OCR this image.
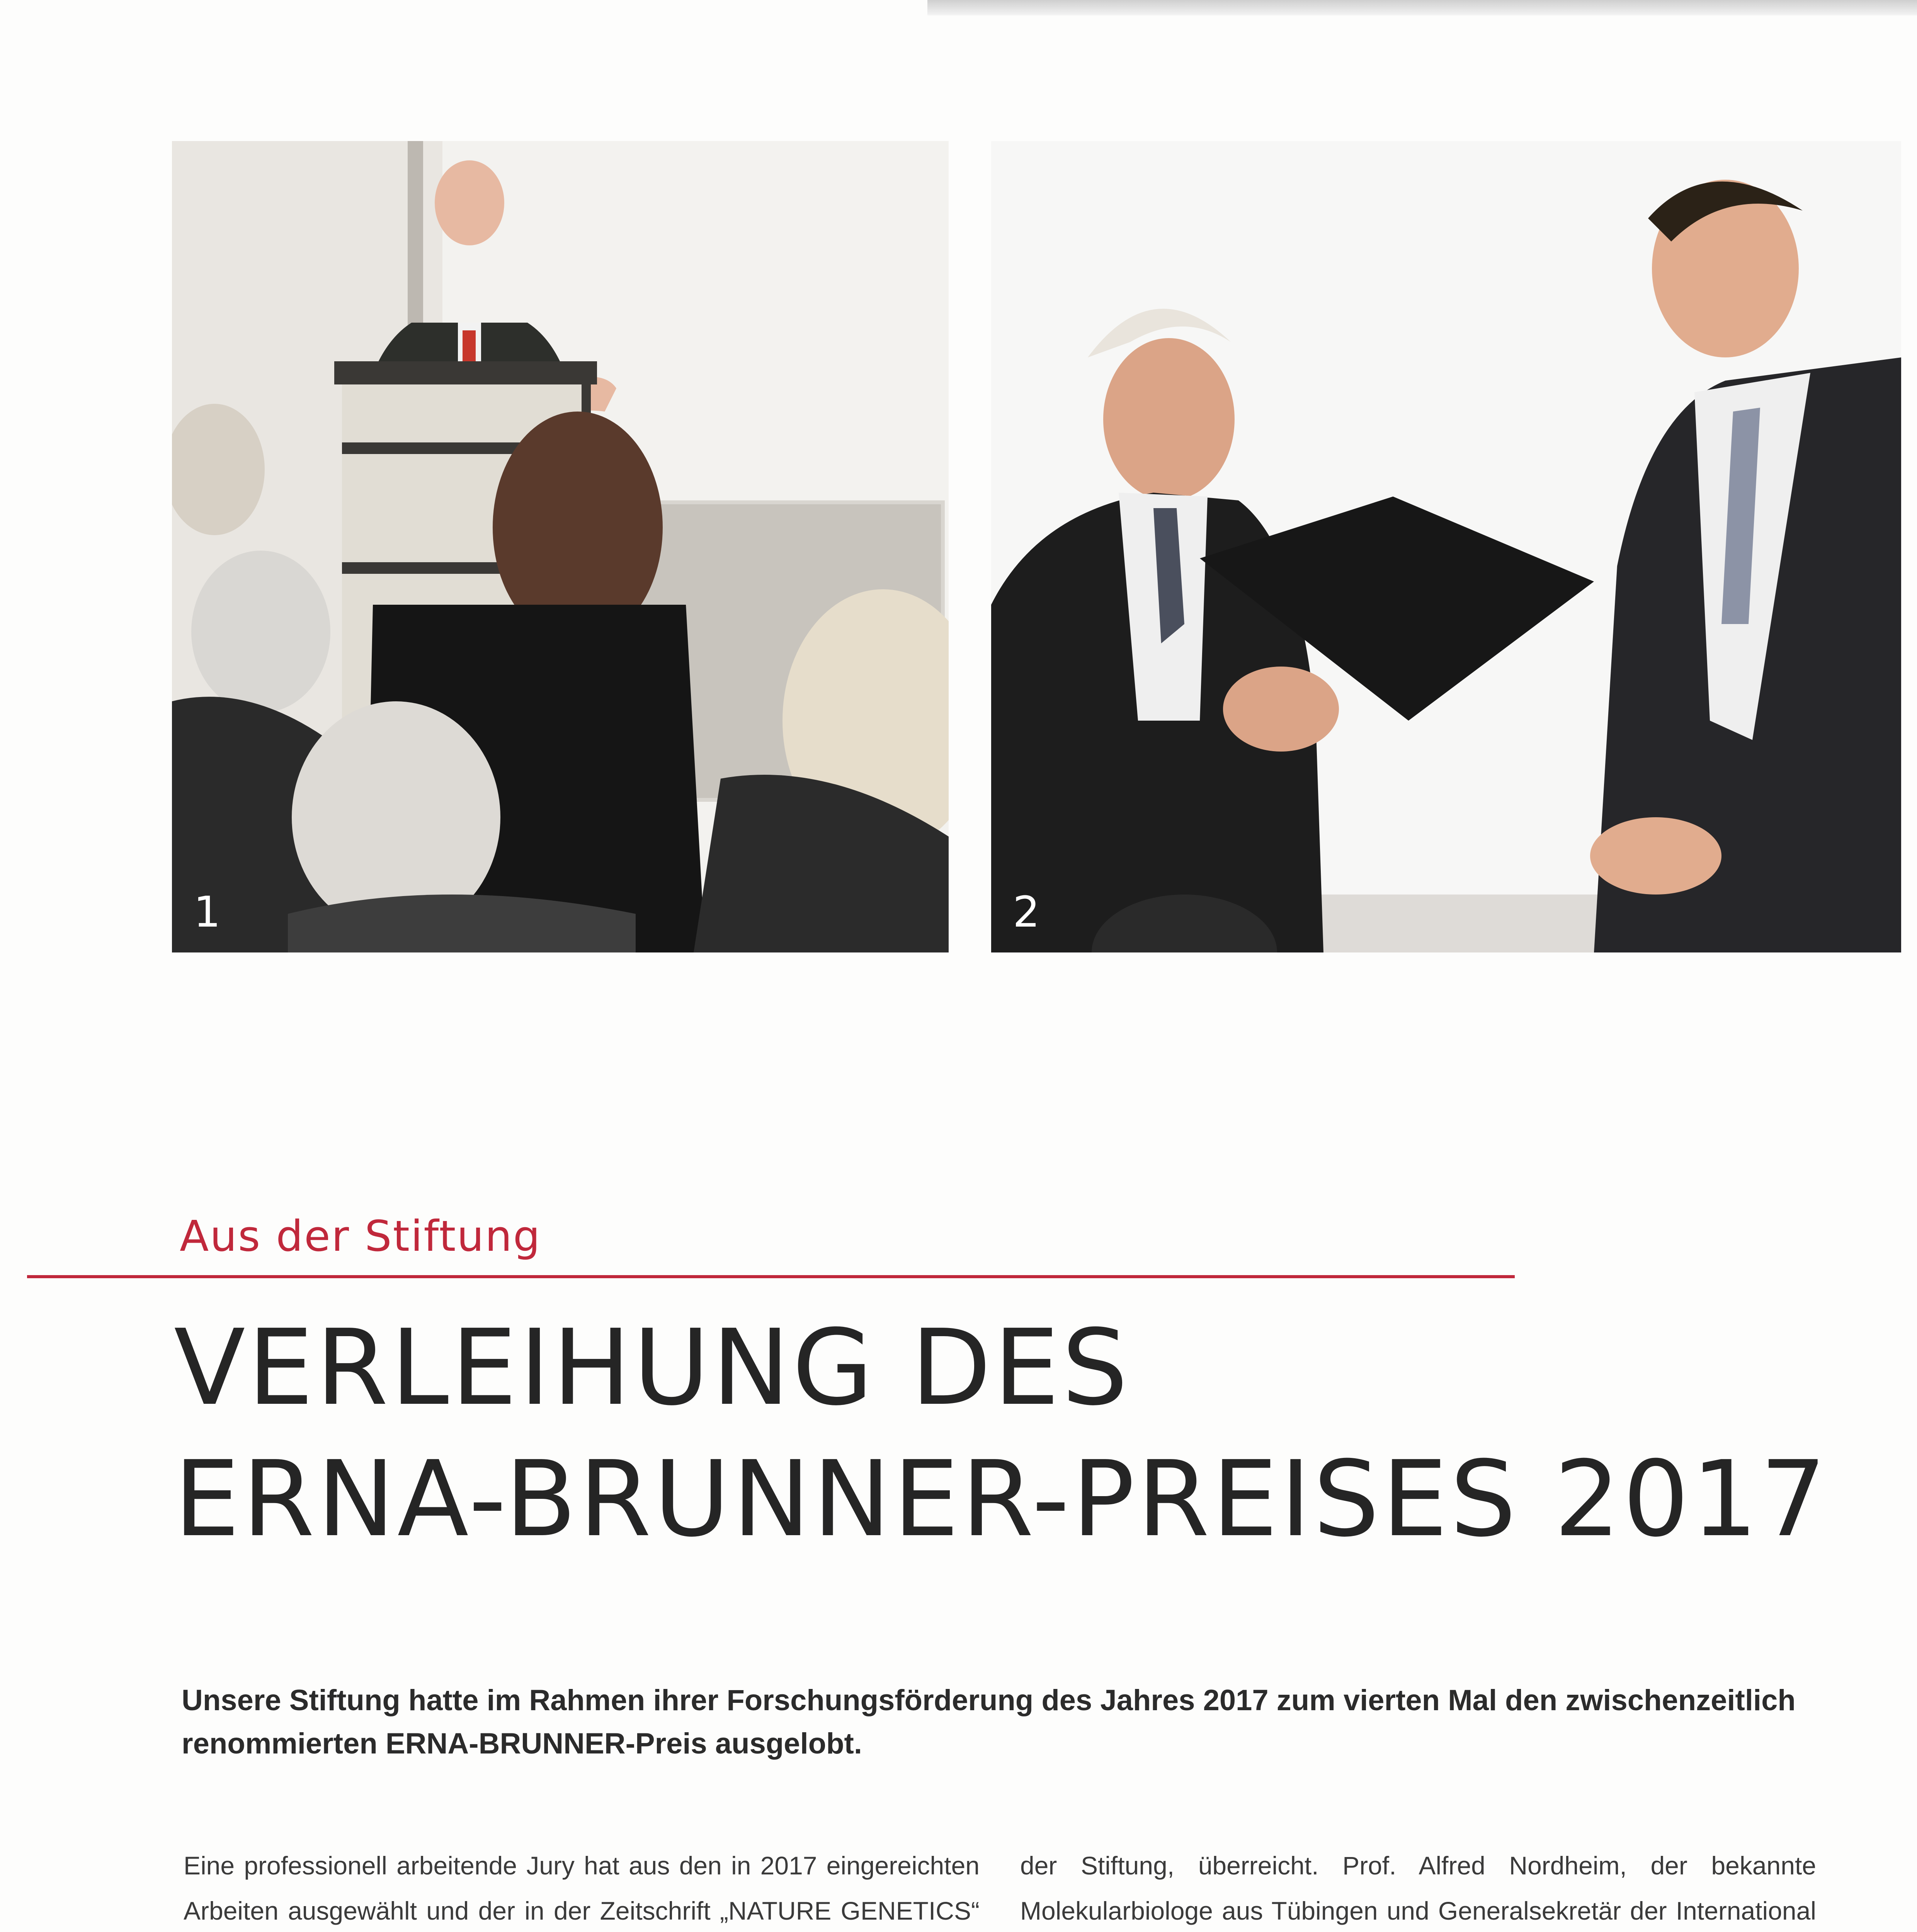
1	2
Aus der Stiftung
VERLEIHUNG DES
ERNA-BRUNNER-PREISES 2017

Unsere Stiftung hatte im Rahmen ihrer Forschungsförderung des Jahres 2017 zum vierten Mal den zwischenzeitlich renommierten ERNA-BRUNNER-Preis ausgelobt.

Eine professionell arbeitende Jury hat aus den in 2017 eingereichten Arbeiten ausgewählt und der in der Zeitschrift „NATURE GENETICS“

der Stiftung, überreicht. Prof. Alfred Nordheim, der bekannte Molekularbiologe aus Tübingen und Generalsekretär der International
